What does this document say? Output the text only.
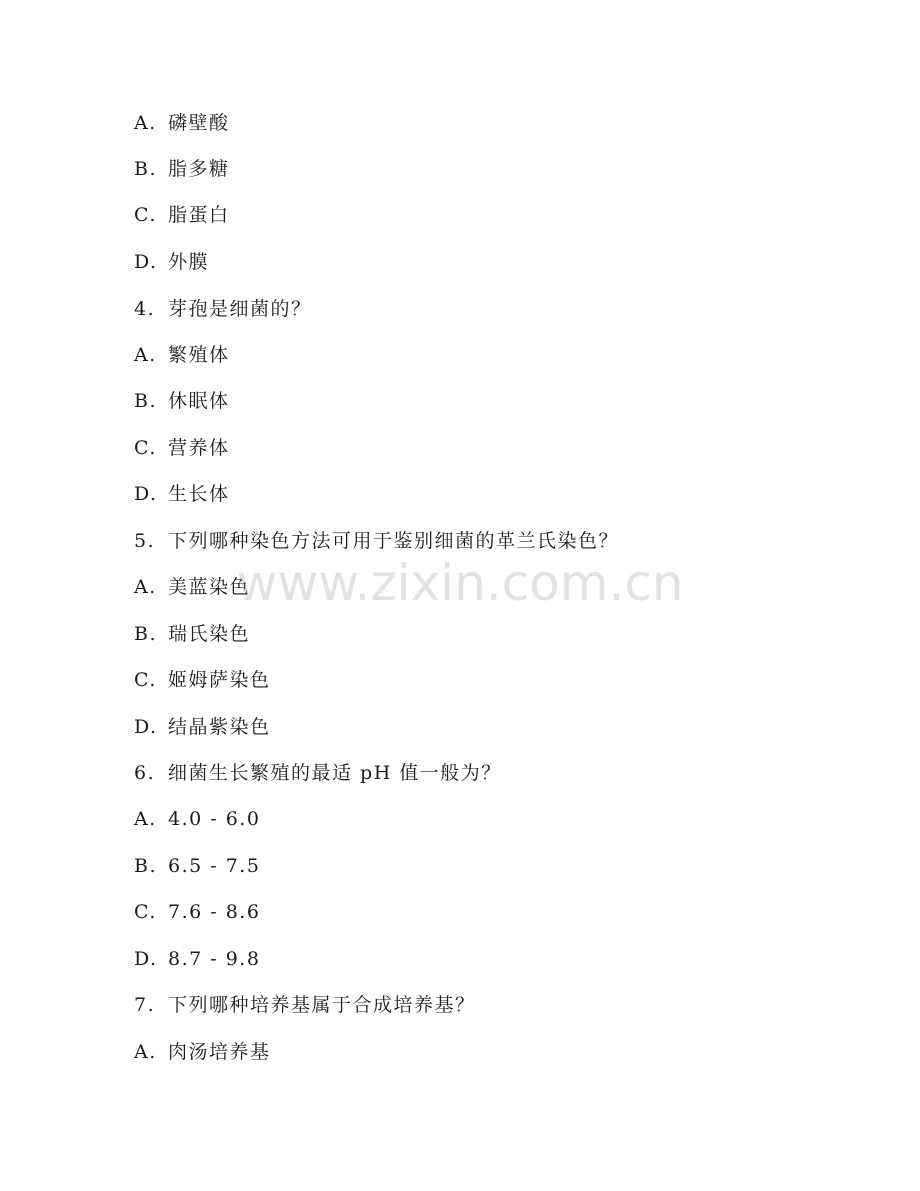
A. 磷壁酸
B. 脂多糖
C. 脂蛋白
D. 外膜
4. 芽孢是细菌的？
A. 繁殖体
B. 休眠体
C. 营养体
D. 生长体
5. 下列哪种染色方法可用于鉴别细菌的革兰氏染色？
A. 美蓝染色
B. 瑞氏染色
C. 姬姆萨染色
D. 结晶紫染色
6. 细菌生长繁殖的最适 pH 值一般为？
A. 4.0 - 6.0
B. 6.5 - 7.5
C. 7.6 - 8.6
D. 8.7 - 9.8
7. 下列哪种培养基属于合成培养基？
A. 肉汤培养基
www.zixin.com.cn
